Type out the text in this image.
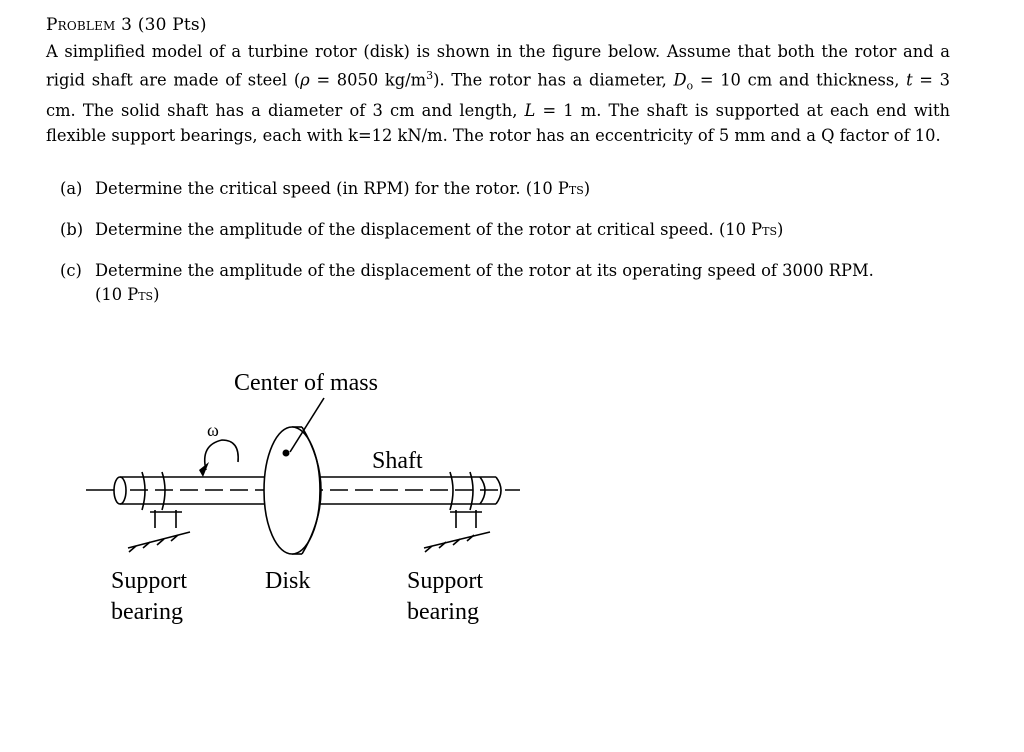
Problem 3 (30 Pts)
A simplified model of a turbine rotor (disk) is shown in the figure below. Assume that both the rotor and a rigid shaft are made of steel (ρ = 8050 $kg/m^3$). The rotor has a diameter, $D_o = 10$ cm and thickness, t = 3 cm. The solid shaft has a diameter of 3 cm and length, L = 1 m. The shaft is supported at each end with flexible support bearings, each with k=12 kN/m. The rotor has an eccentricity of 5 mm and a Q factor of 10.
(a) Determine the critical speed (in RPM) for the rotor. (10 Pts)
(b) Determine the amplitude of the displacement of the rotor at critical speed. (10 Pts)
(c) Determine the amplitude of the displacement of the rotor at its operating speed of 3000 RPM.
(10 Pts)
Center of mass
ω
Shaft
Support
bearing
Disk	Support
bearing
